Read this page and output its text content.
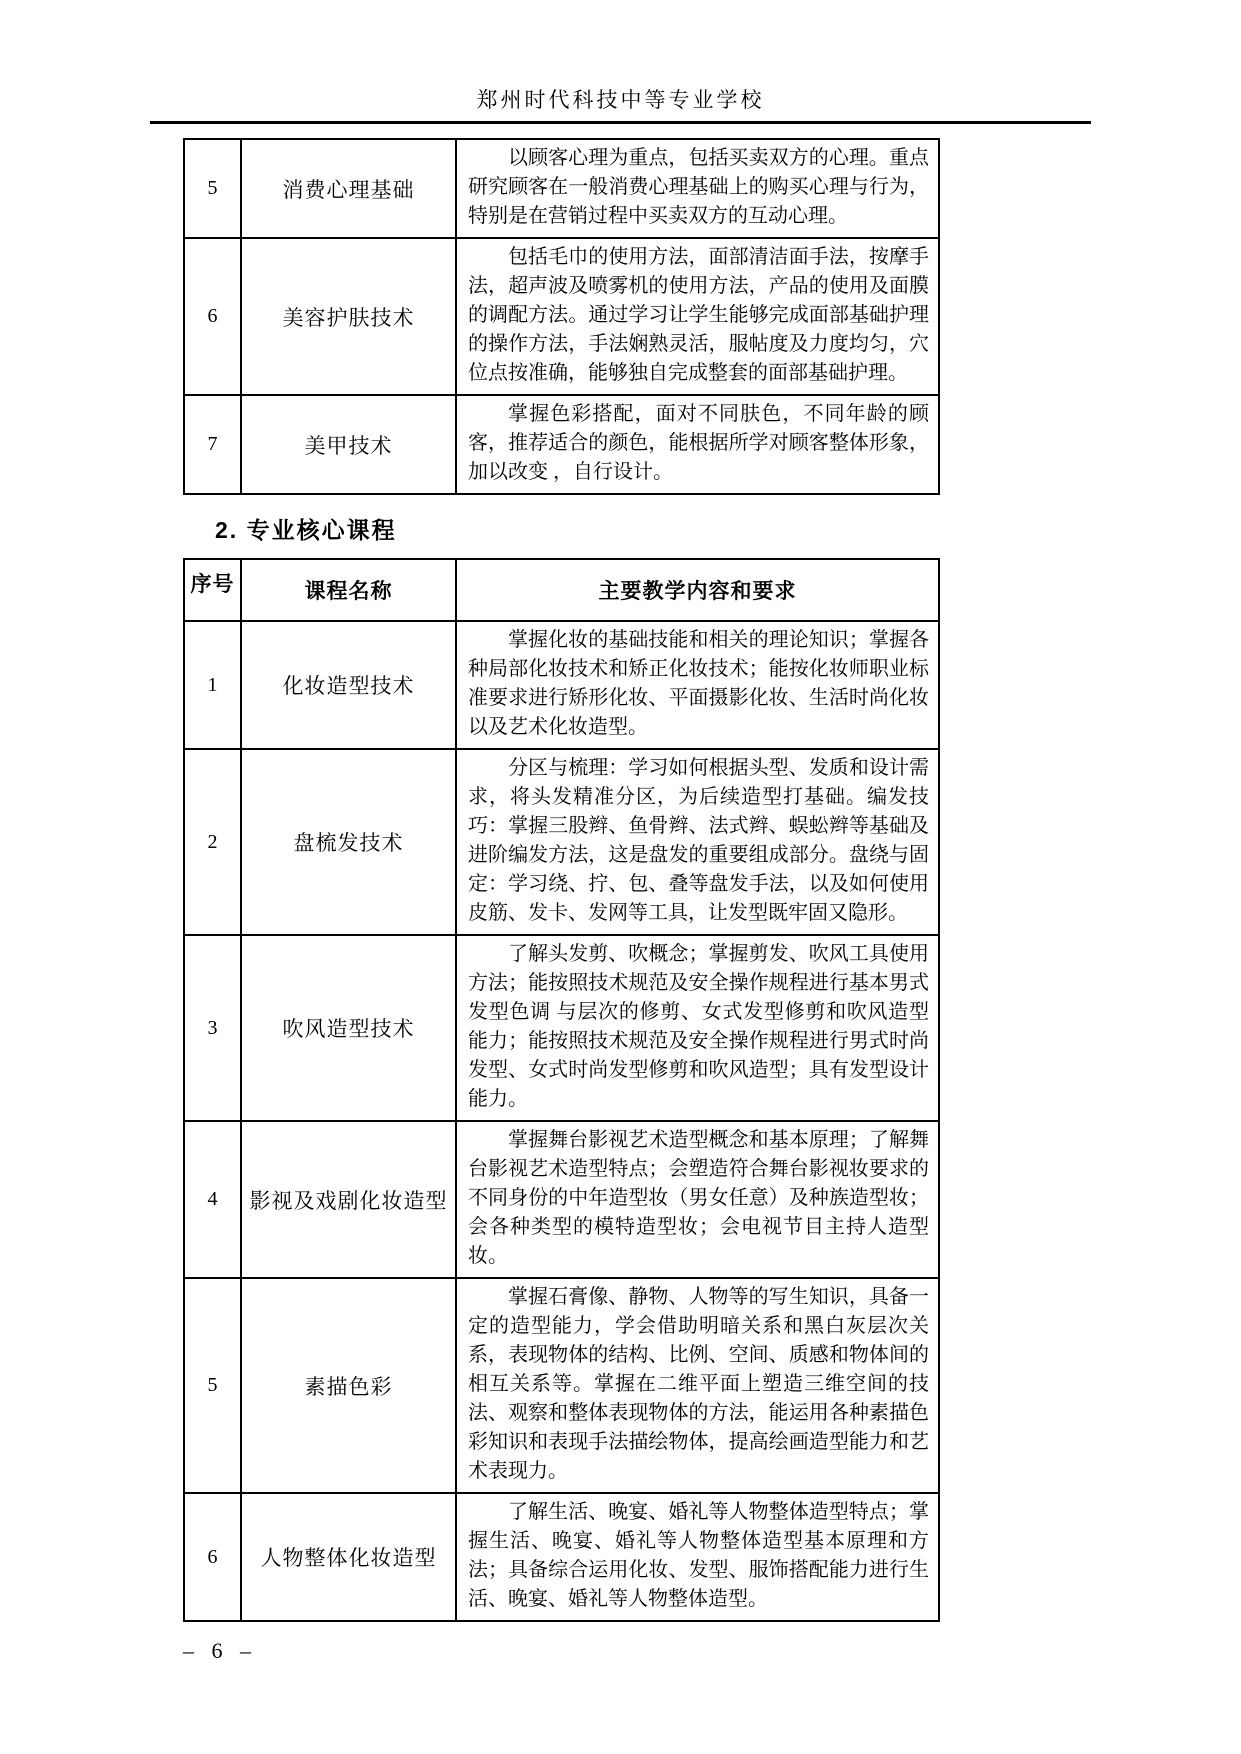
郑州时代科技中等专业学校
5	消费心理基础	以顾客心理为重点，包括买卖双方的心理。重点研究顾客在一般消费心理基础上的购买心理与行为，特别是在营销过程中买卖双方的互动心理。
6	美容护肤技术	包括毛巾的使用方法，面部清洁面手法，按摩手法，超声波及喷雾机的使用方法，产品的使用及面膜的调配方法。通过学习让学生能够完成面部基础护理的操作方法，手法娴熟灵活，服帖度及力度均匀，穴位点按准确，能够独自完成整套的面部基础护理。
7	美甲技术	掌握色彩搭配，面对不同肤色，不同年龄的顾客，推荐适合的颜色，能根据所学对顾客整体形象，加以改变 ，自行设计。
2. 专业核心课程
序号	课程名称	主要教学内容和要求
1	化妆造型技术	掌握化妆的基础技能和相关的理论知识；掌握各种局部化妆技术和矫正化妆技术；能按化妆师职业标准要求进行矫形化妆、平面摄影化妆、生活时尚化妆以及艺术化妆造型。
2	盘梳发技术	分区与梳理：学习如何根据头型、发质和设计需求，将头发精准分区，为后续造型打基础。编发技巧：掌握三股辫、鱼骨辫、法式辫、蜈蚣辫等基础及进阶编发方法，这是盘发的重要组成部分。盘绕与固定：学习绕、拧、包、叠等盘发手法，以及如何使用皮筋、发卡、发网等工具，让发型既牢固又隐形。
3	吹风造型技术	了解头发剪、吹概念；掌握剪发、吹风工具使用方法；能按照技术规范及安全操作规程进行基本男式发型色调 与层次的修剪、女式发型修剪和吹风造型能力；能按照技术规范及安全操作规程进行男式时尚发型、女式时尚发型修剪和吹风造型；具有发型设计能力。
4	影视及戏剧化妆造型	掌握舞台影视艺术造型概念和基本原理；了解舞台影视艺术造型特点；会塑造符合舞台影视妆要求的不同身份的中年造型妆（男女任意）及种族造型妆；会各种类型的模特造型妆；会电视节目主持人造型妆。
5	素描色彩	掌握石膏像、静物、人物等的写生知识，具备一定的造型能力，学会借助明暗关系和黑白灰层次关系，表现物体的结构、比例、空间、质感和物体间的相互关系等。掌握在二维平面上塑造三维空间的技法、观察和整体表现物体的方法，能运用各种素描色彩知识和表现手法描绘物体，提高绘画造型能力和艺术表现力。
6	人物整体化妆造型	了解生活、晚宴、婚礼等人物整体造型特点；掌握生活、晚宴、婚礼等人物整体造型基本原理和方法；具备综合运用化妆、发型、服饰搭配能力进行生活、晚宴、婚礼等人物整体造型。
– 6 –
